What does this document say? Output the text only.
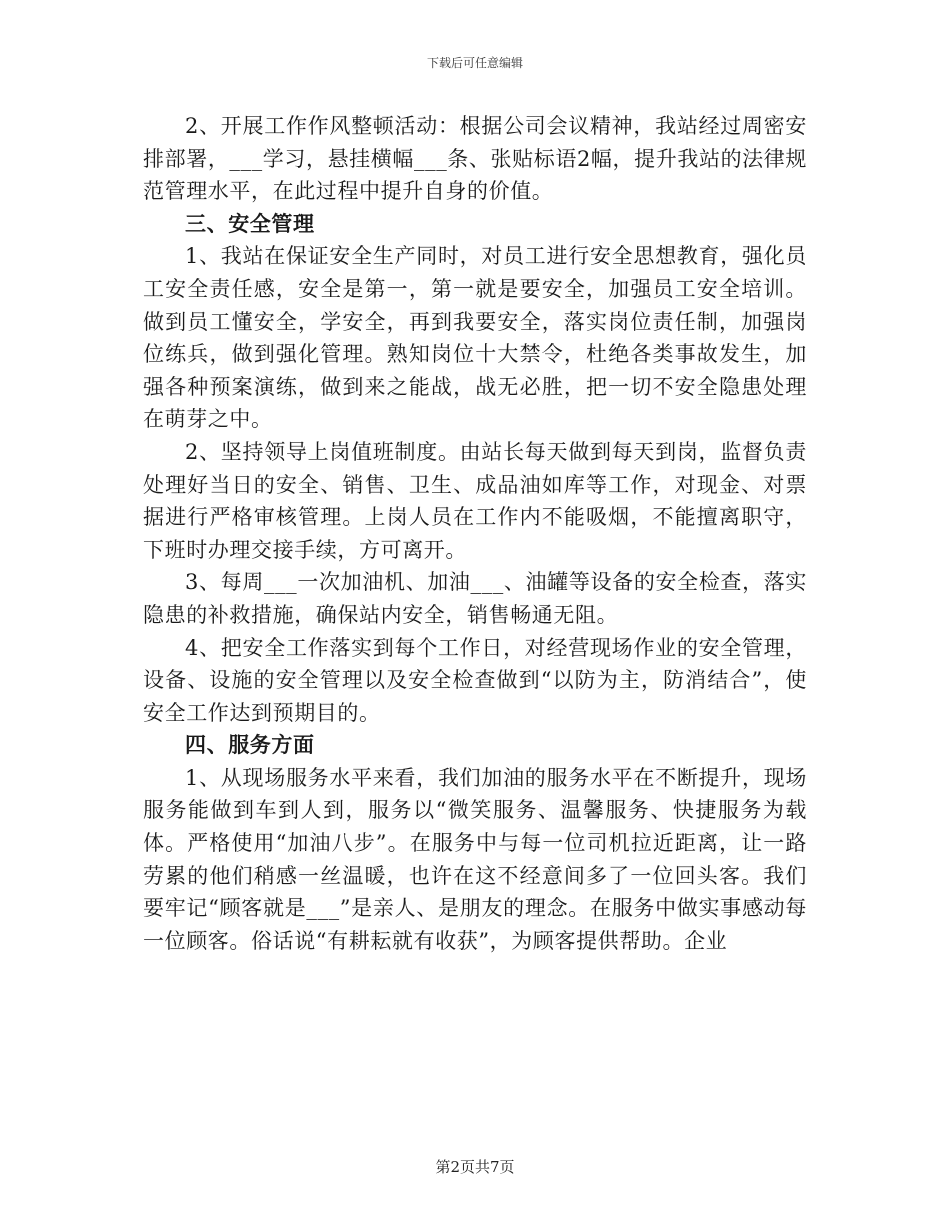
下载后可任意编辑

2、开展工作作风整顿活动：根据公司会议精神，我站经过周密安排部署，___学习，悬挂横幅___条、张贴标语2幅，提升我站的法律规范管理水平，在此过程中提升自身的价值。

三、安全管理

1、我站在保证安全生产同时，对员工进行安全思想教育，强化员工安全责任感，安全是第一，第一就是要安全，加强员工安全培训。做到员工懂安全，学安全，再到我要安全，落实岗位责任制，加强岗位练兵，做到强化管理。熟知岗位十大禁令，杜绝各类事故发生，加强各种预案演练，做到来之能战，战无必胜，把一切不安全隐患处理在萌芽之中。

2、坚持领导上岗值班制度。由站长每天做到每天到岗，监督负责处理好当日的安全、销售、卫生、成品油如库等工作，对现金、对票据进行严格审核管理。上岗人员在工作内不能吸烟，不能擅离职守，下班时办理交接手续，方可离开。

3、每周___一次加油机、加油___、油罐等设备的安全检查，落实隐患的补救措施，确保站内安全，销售畅通无阻。

4、把安全工作落实到每个工作日，对经营现场作业的安全管理，设备、设施的安全管理以及安全检查做到“以防为主，防消结合”，使安全工作达到预期目的。

四、服务方面

1、从现场服务水平来看，我们加油的服务水平在不断提升，现场服务能做到车到人到，服务以“微笑服务、温馨服务、快捷服务为载体。严格使用“加油八步”。在服务中与每一位司机拉近距离，让一路劳累的他们稍感一丝温暖，也许在这不经意间多了一位回头客。我们要牢记“顾客就是___”是亲人、是朋友的理念。在服务中做实事感动每一位顾客。俗话说“有耕耘就有收获”，为顾客提供帮助。企业

第2页共7页
